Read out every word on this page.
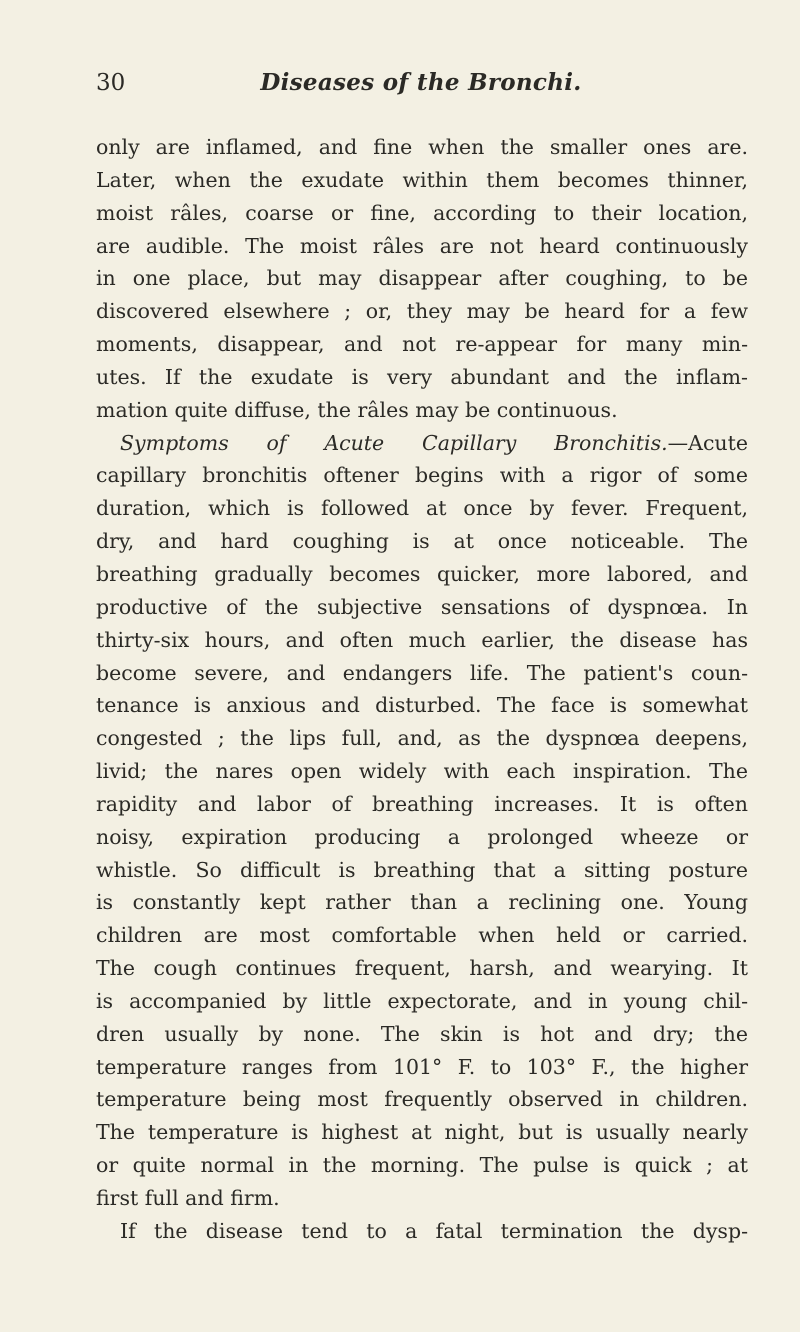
30	Diseases of the Bronchi.
only are inflamed, and fine when the smaller ones are.
Later, when the exudate within them becomes thinner,
moist râles, coarse or fine, according to their location,
are audible. The moist râles are not heard continuously
in one place, but may disappear after coughing, to be
discovered elsewhere ; or, they may be heard for a few
moments, disappear, and not re-appear for many min-
utes. If the exudate is very abundant and the inflam-
mation quite diffuse, the râles may be continuous.
Symptoms of Acute Capillary Bronchitis.—Acute
capillary bronchitis oftener begins with a rigor of some
duration, which is followed at once by fever. Frequent,
dry, and hard coughing is at once noticeable. The
breathing gradually becomes quicker, more labored, and
productive of the subjective sensations of dyspnœa. In
thirty-six hours, and often much earlier, the disease has
become severe, and endangers life. The patient's coun-
tenance is anxious and disturbed. The face is somewhat
congested ; the lips full, and, as the dyspnœa deepens,
livid; the nares open widely with each inspiration. The
rapidity and labor of breathing increases. It is often
noisy, expiration producing a prolonged wheeze or
whistle. So difficult is breathing that a sitting posture
is constantly kept rather than a reclining one. Young
children are most comfortable when held or carried.
The cough continues frequent, harsh, and wearying. It
is accompanied by little expectorate, and in young chil-
dren usually by none. The skin is hot and dry; the
temperature ranges from 101° F. to 103° F., the higher
temperature being most frequently observed in children.
The temperature is highest at night, but is usually nearly
or quite normal in the morning. The pulse is quick ; at
first full and firm.
If the disease tend to a fatal termination the dysp-
